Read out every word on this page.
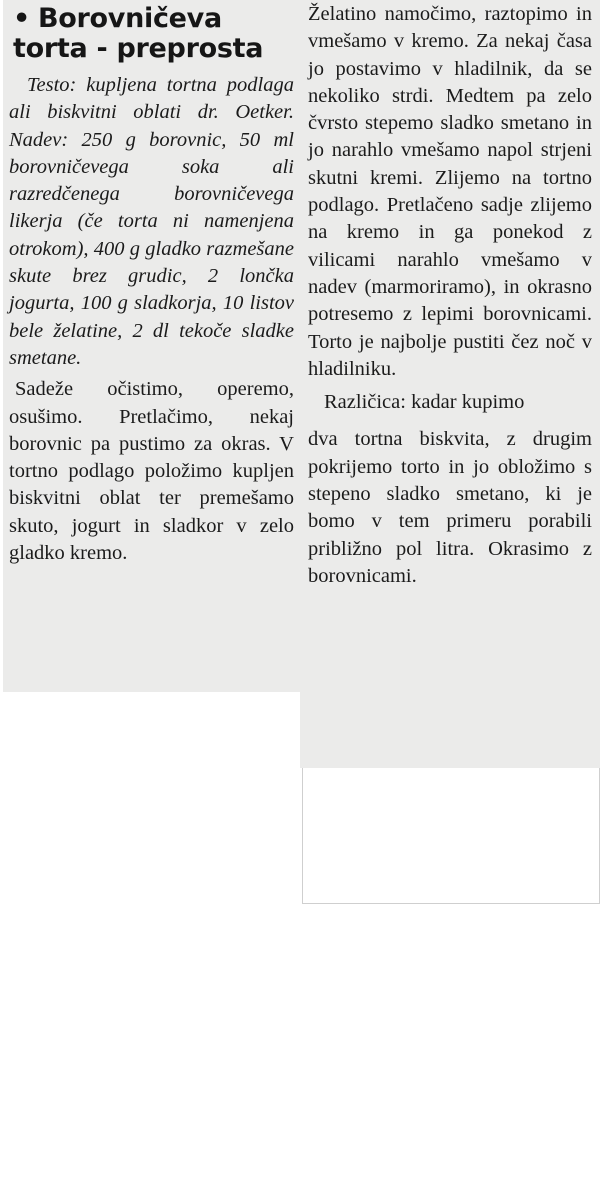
• Borovničeva
torta - preprosta

Testo: kupljena tortna podlaga ali biskvitni oblati dr. Oetker. Nadev: 250 g borovnic, 50 ml borovničevega soka ali razredčenega borovničevega likerja (če torta ni namenjena otrokom), 400 g gladko razmešane skute brez grudic, 2 lončka jogurta, 100 g sladkorja, 10 listov bele želatine, 2 dl tekoče sladke smetane.

Sadeže očistimo, operemo, osušimo. Pretlačimo, nekaj borovnic pa pustimo za okras. V tortno podlago položimo kupljen biskvitni oblat ter premešamo skuto, jogurt in sladkor v zelo gladko kremo.

Želatino namočimo, raztopimo in vmešamo v kremo. Za nekaj časa jo postavimo v hladilnik, da se nekoliko strdi. Medtem pa zelo čvrsto stepemo sladko smetano in jo narahlo vmešamo napol strjeni skutni kremi. Zlijemo na tortno podlago. Pretlačeno sadje zlijemo na kremo in ga ponekod z vilicami narahlo vmešamo v nadev (marmoriramo), in okrasno potresemo z lepimi borovnicami. Torto je najbolje pustiti čez noč v hladilniku.

Različica: kadar kupimo

dva tortna biskvita, z drugim pokrijemo torto in jo obložimo s stepeno sladko smetano, ki je bomo v tem primeru porabili približno pol litra. Okrasimo z borovnicami.
